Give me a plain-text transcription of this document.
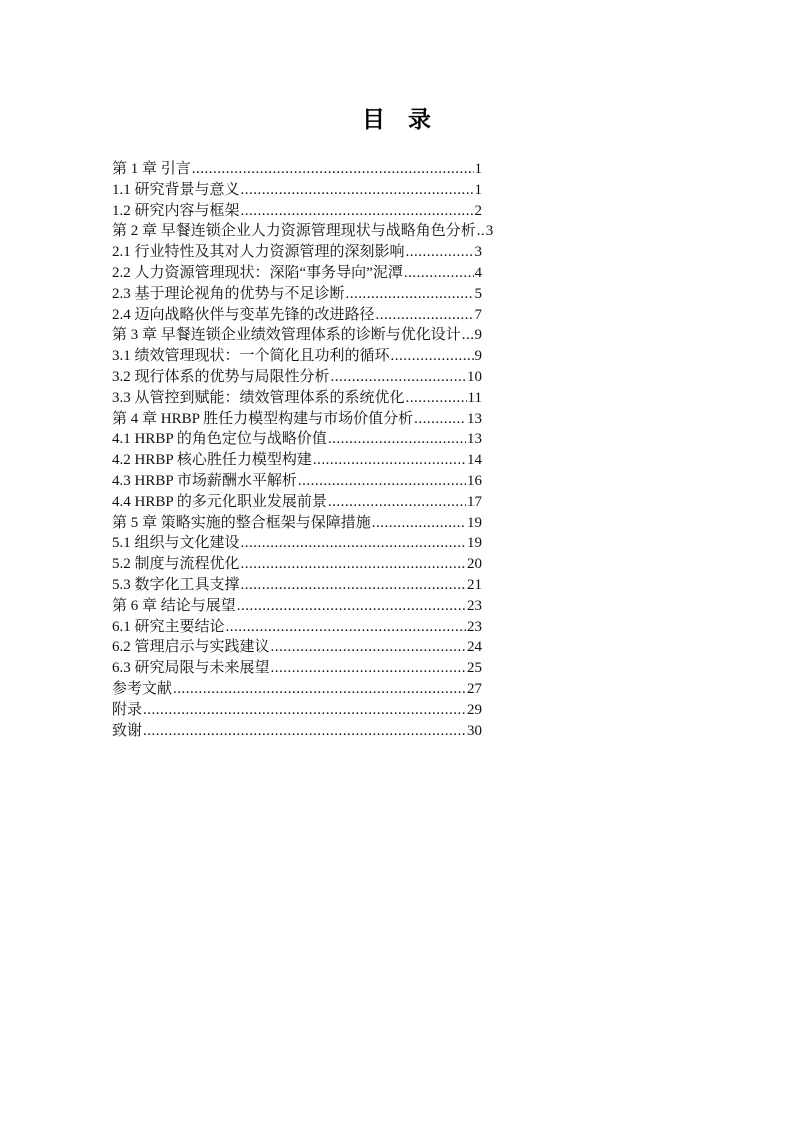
目　录
第 1 章 引言 .....	1
1.1 研究背景与意义 .....	1
1.2 研究内容与框架 .....	2
第 2 章 早餐连锁企业人力资源管理现状与战略角色分析 ..... 3
2.1 行业特性及其对人力资源管理的深刻影响 .....	3
2.2 人力资源管理现状：深陷“事务导向”泥潭 .....	4
2.3 基于理论视角的优势与不足诊断 .....	5
2.4 迈向战略伙伴与变革先锋的改进路径 .....	7
第 3 章 早餐连锁企业绩效管理体系的诊断与优化设计 ..... 9
3.1 绩效管理现状：一个简化且功利的循环 .....	9
3.2 现行体系的优势与局限性分析 .....	10
3.3 从管控到赋能：绩效管理体系的系统优化 .....	11
第 4 章 HRBP 胜任力模型构建与市场价值分析 .....	13
4.1 HRBP 的角色定位与战略价值 .....	13
4.2 HRBP 核心胜任力模型构建 .....	14
4.3 HRBP 市场薪酬水平解析 .....	16
4.4 HRBP 的多元化职业发展前景 .....	17
第 5 章 策略实施的整合框架与保障措施 .....	19
5.1 组织与文化建设 .....	19
5.2 制度与流程优化 .....	20
5.3 数字化工具支撑 .....	21
第 6 章 结论与展望 .....	23
6.1 研究主要结论 .....	23
6.2 管理启示与实践建议 .....	24
6.3 研究局限与未来展望 .....	25
参考文献 .....	27
附录 .....	29
致谢 .....	30
